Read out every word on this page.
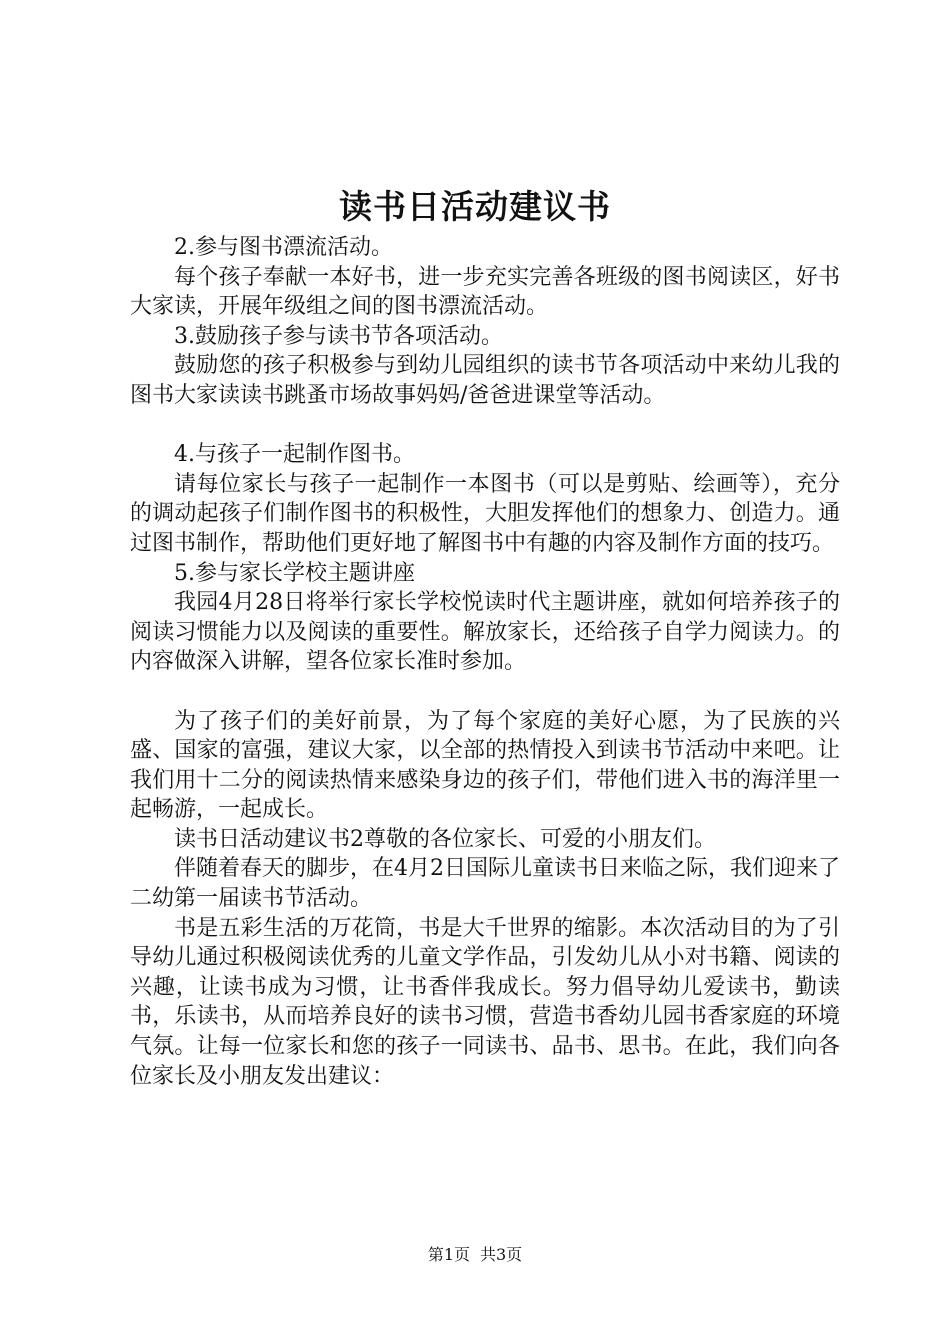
读书日活动建议书

2.参与图书漂流活动。

每个孩子奉献一本好书，进一步充实完善各班级的图书阅读区，好书大家读，开展年级组之间的图书漂流活动。

3.鼓励孩子参与读书节各项活动。

鼓励您的孩子积极参与到幼儿园组织的读书节各项活动中来幼儿我的图书大家读读书跳蚤市场故事妈妈/爸爸进课堂等活动。

4.与孩子一起制作图书。

请每位家长与孩子一起制作一本图书（可以是剪贴、绘画等），充分的调动起孩子们制作图书的积极性，大胆发挥他们的想象力、创造力。通过图书制作，帮助他们更好地了解图书中有趣的内容及制作方面的技巧。

5.参与家长学校主题讲座

我园4月28日将举行家长学校悦读时代主题讲座，就如何培养孩子的阅读习惯能力以及阅读的重要性。解放家长，还给孩子自学力阅读力。的内容做深入讲解，望各位家长准时参加。

为了孩子们的美好前景，为了每个家庭的美好心愿，为了民族的兴盛、国家的富强，建议大家，以全部的热情投入到读书节活动中来吧。让我们用十二分的阅读热情来感染身边的孩子们，带他们进入书的海洋里一起畅游，一起成长。

读书日活动建议书2尊敬的各位家长、可爱的小朋友们。

伴随着春天的脚步，在4月2日国际儿童读书日来临之际，我们迎来了二幼第一届读书节活动。

书是五彩生活的万花筒，书是大千世界的缩影。本次活动目的为了引导幼儿通过积极阅读优秀的儿童文学作品，引发幼儿从小对书籍、阅读的兴趣，让读书成为习惯，让书香伴我成长。努力倡导幼儿爱读书，勤读书，乐读书，从而培养良好的读书习惯，营造书香幼儿园书香家庭的环境气氛。让每一位家长和您的孩子一同读书、品书、思书。在此，我们向各位家长及小朋友发出建议：

第1页 共3页
